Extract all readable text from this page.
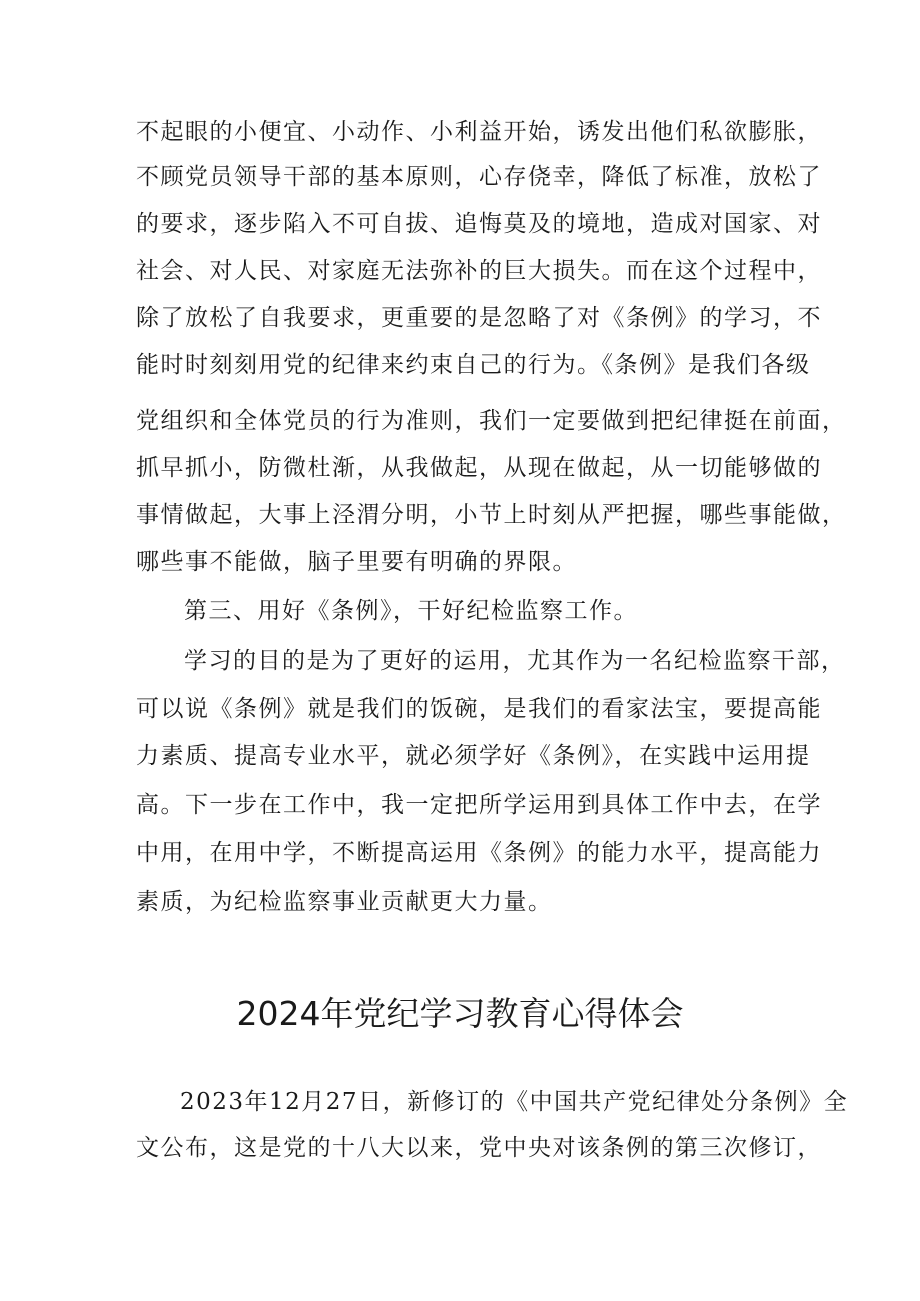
不起眼的小便宜、小动作、小利益开始，诱发出他们私欲膨胀，
不顾党员领导干部的基本原则，心存侥幸，降低了标准，放松了
的要求，逐步陷入不可自拔、追悔莫及的境地，造成对国家、对
社会、对人民、对家庭无法弥补的巨大损失。而在这个过程中，
除了放松了自我要求，更重要的是忽略了对《条例》的学习，不
能时时刻刻用党的纪律来约束自己的行为。《条例》是我们各级
党组织和全体党员的行为准则，我们一定要做到把纪律挺在前面，
抓早抓小，防微杜渐，从我做起，从现在做起，从一切能够做的
事情做起，大事上泾渭分明，小节上时刻从严把握，哪些事能做，
哪些事不能做，脑子里要有明确的界限。
第三、用好《条例》，干好纪检监察工作。
学习的目的是为了更好的运用，尤其作为一名纪检监察干部，
可以说《条例》就是我们的饭碗，是我们的看家法宝，要提高能
力素质、提高专业水平，就必须学好《条例》，在实践中运用提
高。下一步在工作中，我一定把所学运用到具体工作中去，在学
中用，在用中学，不断提高运用《条例》的能力水平，提高能力
素质，为纪检监察事业贡献更大力量。
2024年党纪学习教育心得体会
2023年12月27日，新修订的《中国共产党纪律处分条例》全
文公布，这是党的十八大以来，党中央对该条例的第三次修订，
